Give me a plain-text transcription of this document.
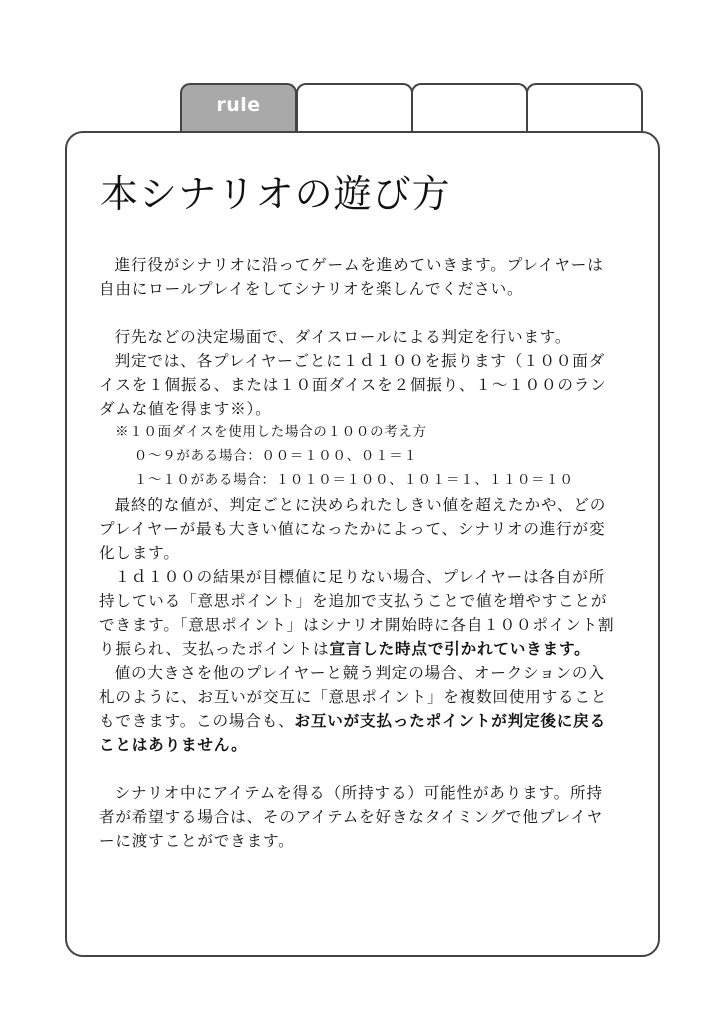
rule
本シナリオの遊び方

進行役がシナリオに沿ってゲームを進めていきます。プレイヤーは自由にロールプレイをしてシナリオを楽しんでください。

行先などの決定場面で、ダイスロールによる判定を行います。

判定では、各プレイヤーごとに１ｄ１００を振ります（１００面ダイスを１個振る、または１０面ダイスを２個振り、１～１００のランダムな値を得ます※）。

※１０面ダイスを使用した場合の１００の考え方

０～９がある場合：００＝１００、０１＝１

１～１０がある場合：１０１０＝１００、１０１＝１、１１０＝１０

最終的な値が、判定ごとに決められたしきい値を超えたかや、どのプレイヤーが最も大きい値になったかによって、シナリオの進行が変化します。

１ｄ１００の結果が目標値に足りない場合、プレイヤーは各自が所持している「意思ポイント」を追加で支払うことで値を増やすことができます。「意思ポイント」はシナリオ開始時に各自１００ポイント割り振られ、支払ったポイントは宣言した時点で引かれていきます。

値の大きさを他のプレイヤーと競う判定の場合、オークションの入札のように、お互いが交互に「意思ポイント」を複数回使用することもできます。この場合も、お互いが支払ったポイントが判定後に戻ることはありません。

シナリオ中にアイテムを得る（所持する）可能性があります。所持者が希望する場合は、そのアイテムを好きなタイミングで他プレイヤーに渡すことができます。
